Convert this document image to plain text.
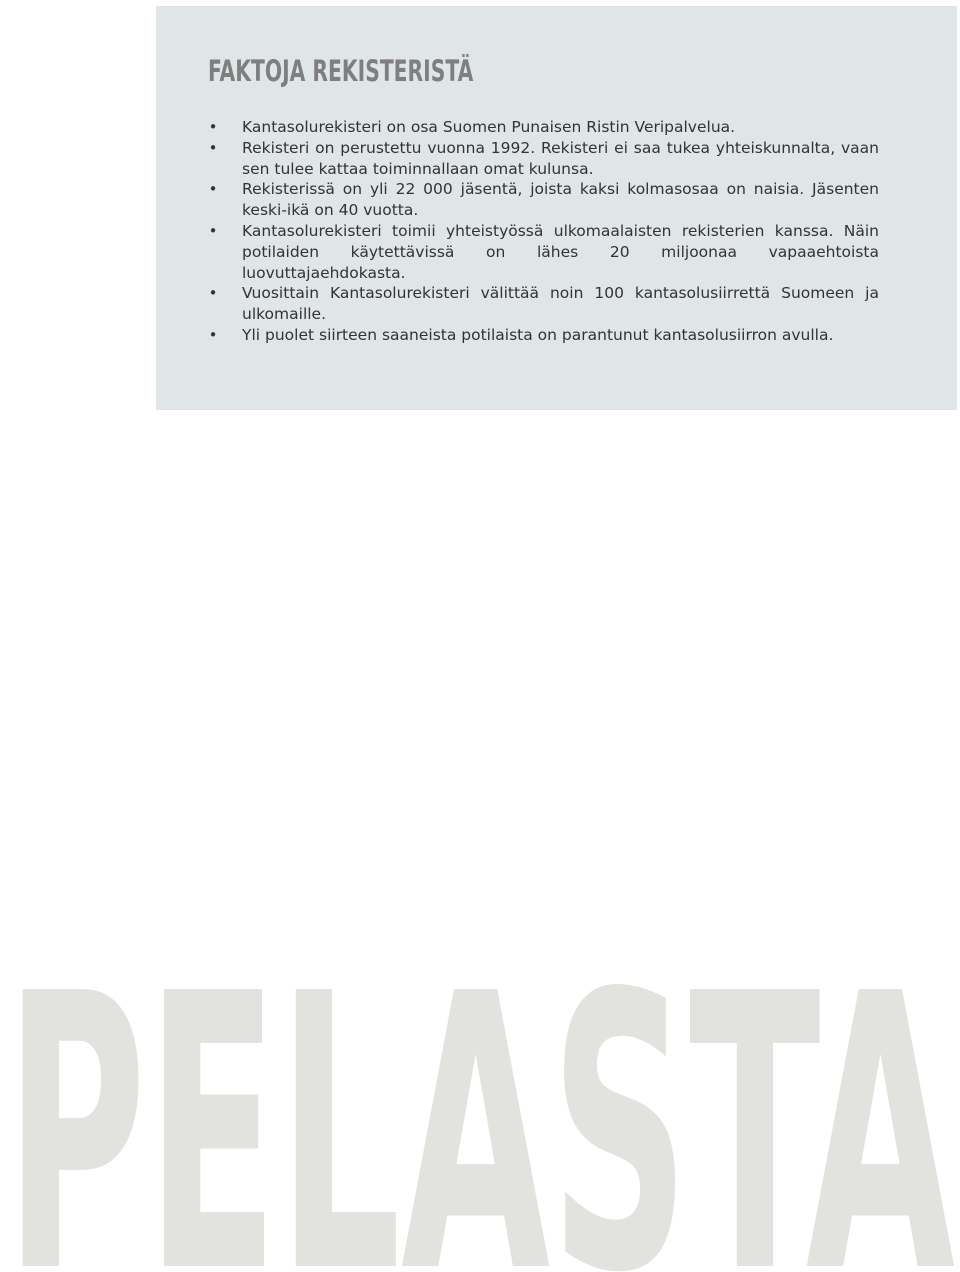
FAKTOJA REKISTERISTÄ
• Kantasolurekisteri on osa Suomen Punaisen Ristin Veripalvelua.
• Rekisteri on perustettu vuonna 1992. Rekisteri ei saa tukea yhteiskunnalta, vaan sen tulee kattaa toiminnallaan omat kulunsa.
• Rekisterissä on yli 22 000 jäsentä, joista kaksi kolmasosaa on naisia. Jäsenten keski-ikä on 40 vuotta.
• Kantasolurekisteri toimii yhteistyössä ulkomaalaisten rekisterien kanssa. Näin potilaiden käytettävissä on lähes 20 miljoonaa vapaaehtoista luovuttajaehdokasta.
• Vuosittain Kantasolurekisteri välittää noin 100 kantasolusiirrettä Suomeen ja ulkomaille.
• Yli puolet siirteen saaneista potilaista on parantunut kantasolusiirron avulla.
PELASTA
